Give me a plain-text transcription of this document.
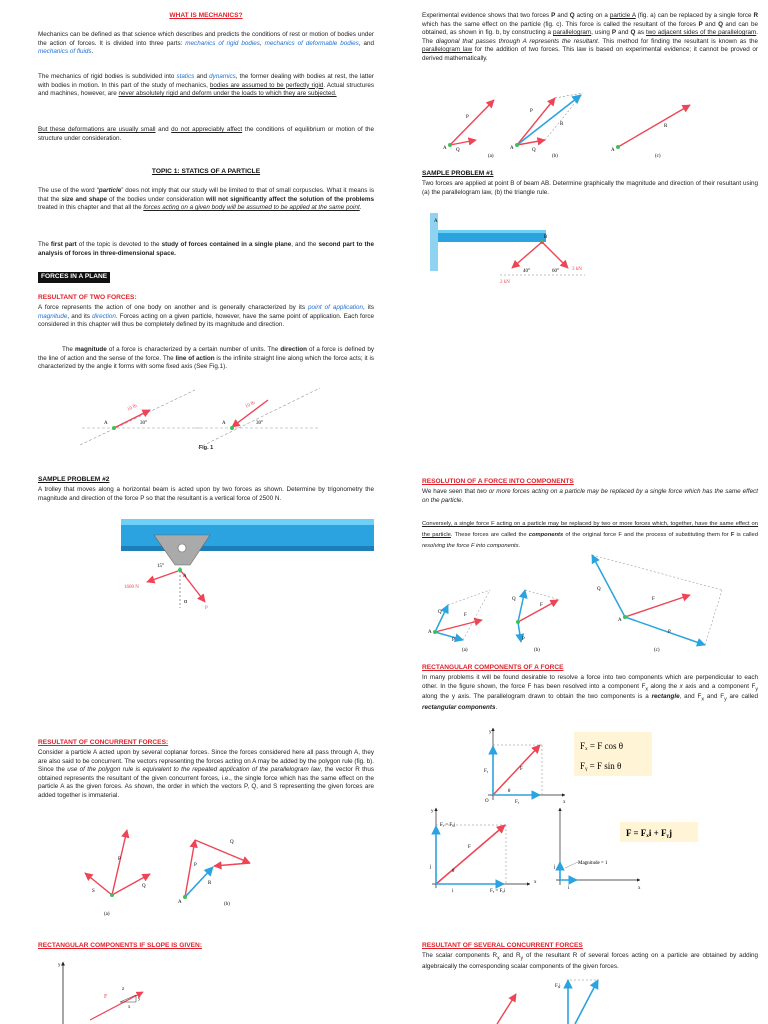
WHAT IS MECHANICS?

Mechanics can be defined as that science which describes and predicts the conditions of rest or motion of bodies under the action of forces. It is divided into three parts: mechanics of rigid bodies, mechanics of deformable bodies, and mechanics of fluids.

The mechanics of rigid bodies is subdivided into statics and dynamics, the former dealing with bodies at rest, the latter with bodies in motion. In this part of the study of mechanics, bodies are assumed to be perfectly rigid. Actual structures and machines, however, are never absolutely rigid and deform under the loads to which they are subjected.

But these deformations are usually small and do not appreciably affect the conditions of equilibrium or motion of the structure under consideration.

TOPIC 1: STATICS OF A PARTICLE

The use of the word “particle” does not imply that our study will be limited to that of small corpuscles. What it means is that the size and shape of the bodies under consideration will not significantly affect the solution of the problems treated in this chapter and that all the forces acting on a given body will be assumed to be applied at the same point.

The first part of the topic is devoted to the study of forces contained in a single plane, and the second part to the analysis of forces in three-dimensional space.

FORCES IN A PLANE
RESULTANT OF TWO FORCES:

A force represents the action of one body on another and is generally characterized by its point of application, its magnitude, and its direction. Forces acting on a given particle, however, have the same point of application. Each force considered in this chapter will thus be completely defined by its magnitude and direction.

The magnitude of a force is characterized by a certain number of units. The direction of a force is defined by the line of action and the sense of the force. The line of action is the infinite straight line along which the force acts; it is characterized by the angle it forms with some fixed axis (See Fig.1).

Fig. 1
SAMPLE PROBLEM #2

A trolley that moves along a horizontal beam is acted upon by two forces as shown. Determine by trigonometry the magnitude and direction of the force P so that the resultant is a vertical force of 2500 N.

RESULTANT OF CONCURRENT FORCES:

Consider a particle A acted upon by several coplanar forces. Since the forces considered here all pass through A, they are also said to be concurrent. The vectors representing the forces acting on A may be added by the polygon rule (fig. b). Since the use of the polygon rule is equivalent to the repeated application of the parallelogram law, the vector R thus obtained represents the resultant of the given concurrent forces, i.e., the single force which has the same effect on the particle A as the given forces. As shown, the order in which the vectors P, Q, and S representing the given forces are added together is immaterial.

RECTANGULAR COMPONENTS IF SLOPE IS GIVEN:

Experimental evidence shows that two forces P and Q acting on a particle A (fig. a) can be replaced by a single force R which has the same effect on the particle (fig. c). This force is called the resultant of the forces P and Q and can be obtained, as shown in fig. b, by constructing a parallelogram, using P and Q as two adjacent sides of the parallelogram. The diagonal that passes through A represents the resultant. This method for finding the resultant is known as the parallelogram law for the addition of two forces. This law is based on experimental evidence; it cannot be proved or derived mathematically.

SAMPLE PROBLEM #1

Two forces are applied at point B of beam AB. Determine graphically the magnitude and direction of their resultant using (a) the parallelogram law, (b) the triangle rule.

RESOLUTION OF A FORCE INTO COMPONENTS

We have seen that two or more forces acting on a particle may be replaced by a single force which has the same effect on the particle.

Conversely, a single force F acting on a particle may be replaced by two or more forces which, together, have the same effect on the particle. These forces are called the components of the original force F and the process of substituting them for F is called resolving the force F into components.

RECTANGULAR COMPONENTS OF A FORCE

In many problems it will be found desirable to resolve a force into two components which are perpendicular to each other. In the figure shown, the force F has been resolved into a component $F_x$ along the x axis and a component $F_y$ along the y axis. The parallelogram drawn to obtain the two components is a rectangle, and $F_x$ and $F_y$ are called rectangular components.

RESULTANT OF SEVERAL CONCURRENT FORCES

The scalar components $R_x$ and $R_y$ of the resultant R of several forces acting on a particle are obtained by adding algebraically the corresponding scalar components of the given forces.

A
10 lb
30°	A
10 lb
30°
1600 N
15°
A
α
P
P
Q
S
(a)
A
P
Q
R
(b)
y
F
z
y
x
A
P
Q
(a)
A
P
Q
R
(b)
A
R
(c)
A
B
2 kN
3 kN
40°	60°
A
Q
P
F
(a)
Q
P
F
(b)
A
Q
P
F
(c)
y
x
O
F
θ
Fᵧ
Fₓ
Fₓ = F cos θ
Fᵧ = F sin θ
F = Fₓi + Fᵧj
y
x
Fᵧ = Fᵧj
Fₓ = Fₓi
F
θ
j
i
Magnitude = 1
j
i	x
Fᵧj
